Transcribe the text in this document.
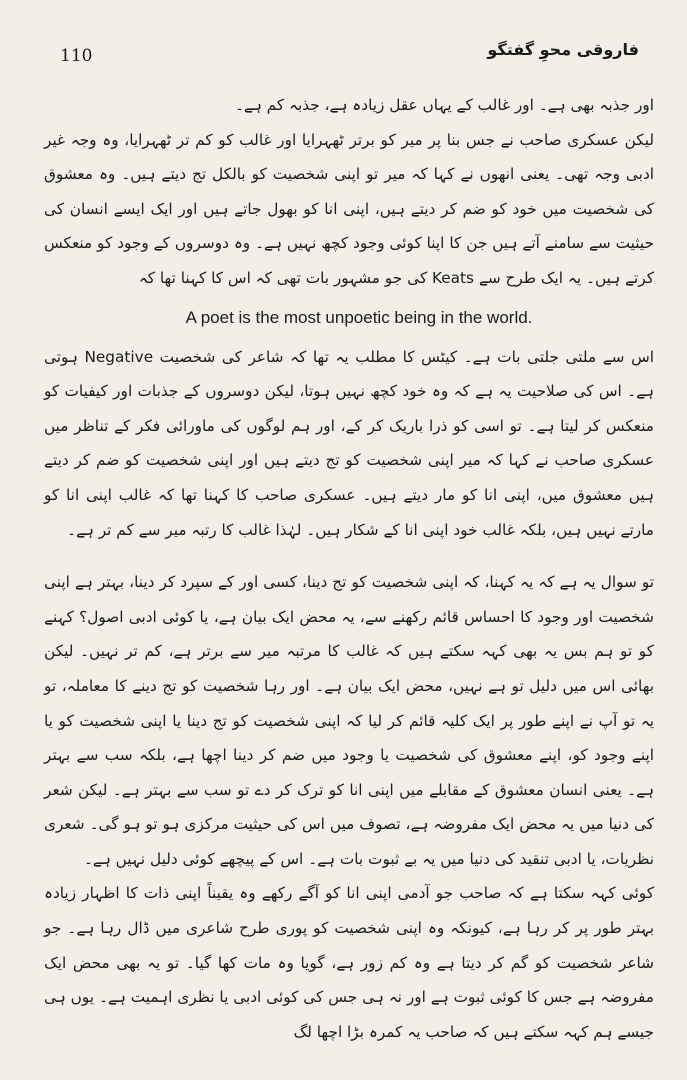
110	فاروقی محوِ گفتگو

اور جذبہ بھی ہے۔ اور غالب کے یہاں عقل زیادہ ہے، جذبہ کم ہے۔

لیکن عسکری صاحب نے جس بنا پر میر کو برتر ٹھہرایا اور غالب کو کم تر ٹھہرایا، وہ وجہ غیر ادبی وجہ تھی۔ یعنی انھوں نے کہا کہ میر تو اپنی شخصیت کو بالکل تج دیتے ہیں۔ وہ معشوق کی شخصیت میں خود کو ضم کر دیتے ہیں، اپنی انا کو بھول جاتے ہیں اور ایک ایسے انسان کی حیثیت سے سامنے آتے ہیں جن کا اپنا کوئی وجود کچھ نہیں ہے۔ وہ دوسروں کے وجود کو منعکس کرتے ہیں۔ یہ ایک طرح سے Keats کی جو مشہور بات تھی کہ اس کا کہنا تھا کہ

A poet is the most unpoetic being in the world.

اس سے ملتی جلتی بات ہے۔ کیٹس کا مطلب یہ تھا کہ شاعر کی شخصیت Negative ہوتی ہے۔ اس کی صلاحیت یہ ہے کہ وہ خود کچھ نہیں ہوتا، لیکن دوسروں کے جذبات اور کیفیات کو منعکس کر لیتا ہے۔ تو اسی کو ذرا باریک کر کے، اور ہم لوگوں کی ماورائی فکر کے تناظر میں عسکری صاحب نے کہا کہ میر اپنی شخصیت کو تج دیتے ہیں اور اپنی شخصیت کو ضم کر دیتے ہیں معشوق میں، اپنی انا کو مار دیتے ہیں۔ عسکری صاحب کا کہنا تھا کہ غالب اپنی انا کو مارتے نہیں ہیں، بلکہ غالب خود اپنی انا کے شکار ہیں۔ لہٰذا غالب کا رتبہ میر سے کم تر ہے۔

تو سوال یہ ہے کہ یہ کہنا، کہ اپنی شخصیت کو تج دینا، کسی اور کے سپرد کر دینا، بہتر ہے اپنی شخصیت اور وجود کا احساس قائم رکھنے سے، یہ محض ایک بیان ہے، یا کوئی ادبی اصول؟ کہنے کو تو ہم بس یہ بھی کہہ سکتے ہیں کہ غالب کا مرتبہ میر سے برتر ہے، کم تر نہیں۔ لیکن بھائی اس میں دلیل تو ہے نہیں، محض ایک بیان ہے۔ اور رہا شخصیت کو تج دینے کا معاملہ، تو یہ تو آپ نے اپنے طور پر ایک کلیہ قائم کر لیا کہ اپنی شخصیت کو تج دینا یا اپنی شخصیت کو یا اپنے وجود کو، اپنے معشوق کی شخصیت یا وجود میں ضم کر دینا اچھا ہے، بلکہ سب سے بہتر ہے۔ یعنی انسان معشوق کے مقابلے میں اپنی انا کو ترک کر دے تو سب سے بہتر ہے۔ لیکن شعر کی دنیا میں یہ محض ایک مفروضہ ہے، تصوف میں اس کی حیثیت مرکزی ہو تو ہو گی۔ شعری نظریات، یا ادبی تنقید کی دنیا میں یہ بے ثبوت بات ہے۔ اس کے پیچھے کوئی دلیل نہیں ہے۔

کوئی کہہ سکتا ہے کہ صاحب جو آدمی اپنی انا کو آگے رکھے وہ یقیناً اپنی ذات کا اظہار زیادہ بہتر طور پر کر رہا ہے، کیونکہ وہ اپنی شخصیت کو پوری طرح شاعری میں ڈال رہا ہے۔ جو شاعر شخصیت کو گم کر دیتا ہے وہ کم زور ہے، گویا وہ مات کھا گیا۔ تو یہ بھی محض ایک مفروضہ ہے جس کا کوئی ثبوت ہے اور نہ ہی جس کی کوئی ادبی یا نظری اہمیت ہے۔ یوں ہی جیسے ہم کہہ سکتے ہیں کہ صاحب یہ کمرہ بڑا اچھا لگ
